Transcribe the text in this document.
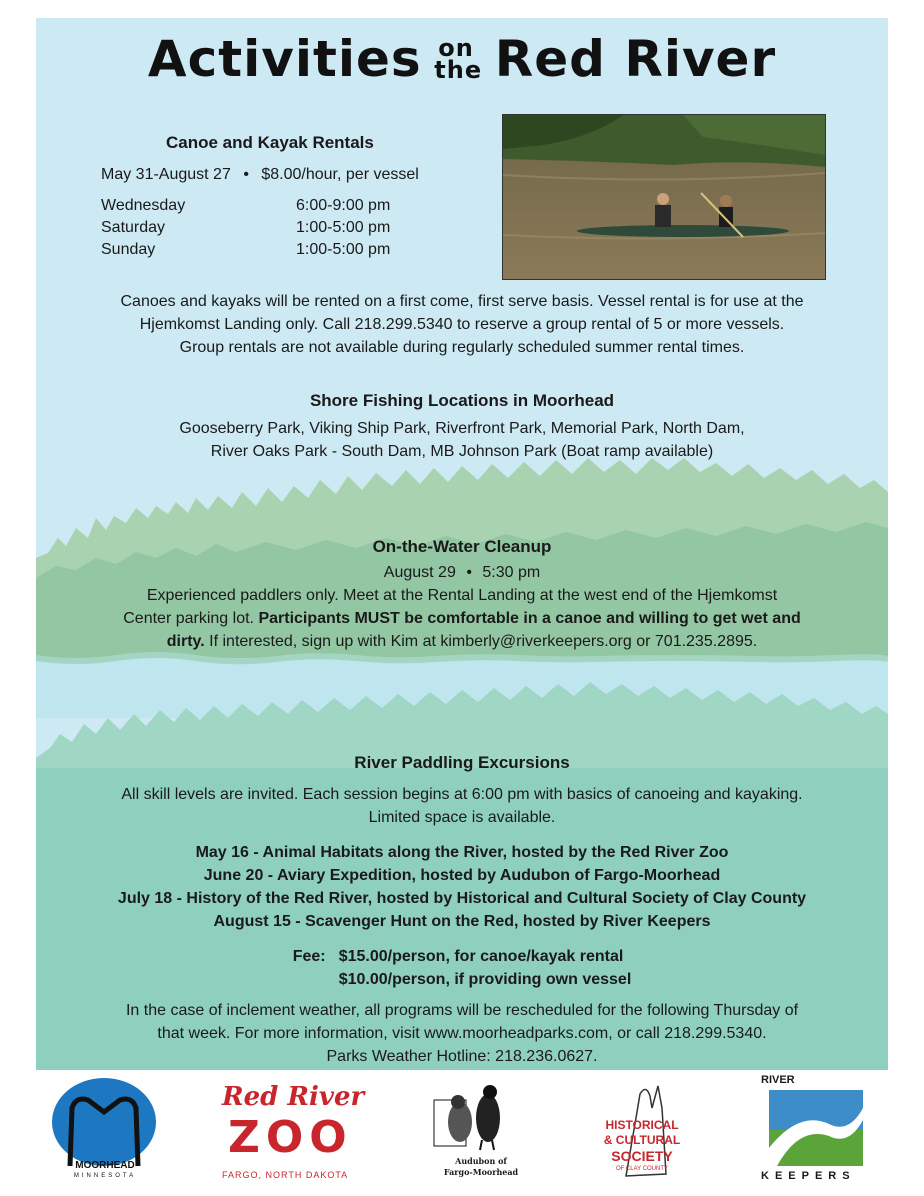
Activities on
the Red River
Canoe and Kayak Rentals
May 31-August 27 • $8.00/hour, per vessel
Wednesday	6:00-9:00 pm
Saturday	1:00-5:00 pm
Sunday	1:00-5:00 pm
Canoes and kayaks will be rented on a first come, first serve basis. Vessel rental is for use at the
Hjemkomst Landing only. Call 218.299.5340 to reserve a group rental of 5 or more vessels.
Group rentals are not available during regularly scheduled summer rental times.
Shore Fishing Locations in Moorhead
Gooseberry Park, Viking Ship Park, Riverfront Park, Memorial Park, North Dam,
River Oaks Park - South Dam, MB Johnson Park (Boat ramp available)
On-the-Water Cleanup
August 29 • 5:30 pm
Experienced paddlers only. Meet at the Rental Landing at the west end of the Hjemkomst
Center parking lot. Participants MUST be comfortable in a canoe and willing to get wet and
dirty. If interested, sign up with Kim at kimberly@riverkeepers.org or 701.235.2895.
River Paddling Excursions
All skill levels are invited. Each session begins at 6:00 pm with basics of canoeing and kayaking.
Limited space is available.
May 16 - Animal Habitats along the River, hosted by the Red River Zoo
June 20 - Aviary Expedition, hosted by Audubon of Fargo-Moorhead
July 18 - History of the Red River, hosted by Historical and Cultural Society of Clay County
August 15 - Scavenger Hunt on the Red, hosted by River Keepers
Fee: $15.00/person, for canoe/kayak rental
$10.00/person, if providing own vessel
In the case of inclement weather, all programs will be rescheduled for the following Thursday of
that week. For more information, visit www.moorheadparks.com, or call 218.299.5340.
Parks Weather Hotline: 218.236.0627.
MOORHEAD
MINNESOTA
Red River
ZOO
FARGO, NORTH DAKOTA
Audubon of
Fargo-Moorhead
HISTORICAL
& CULTURAL
SOCIETY
OF CLAY COUNTY
RIVER
KEEPERS
